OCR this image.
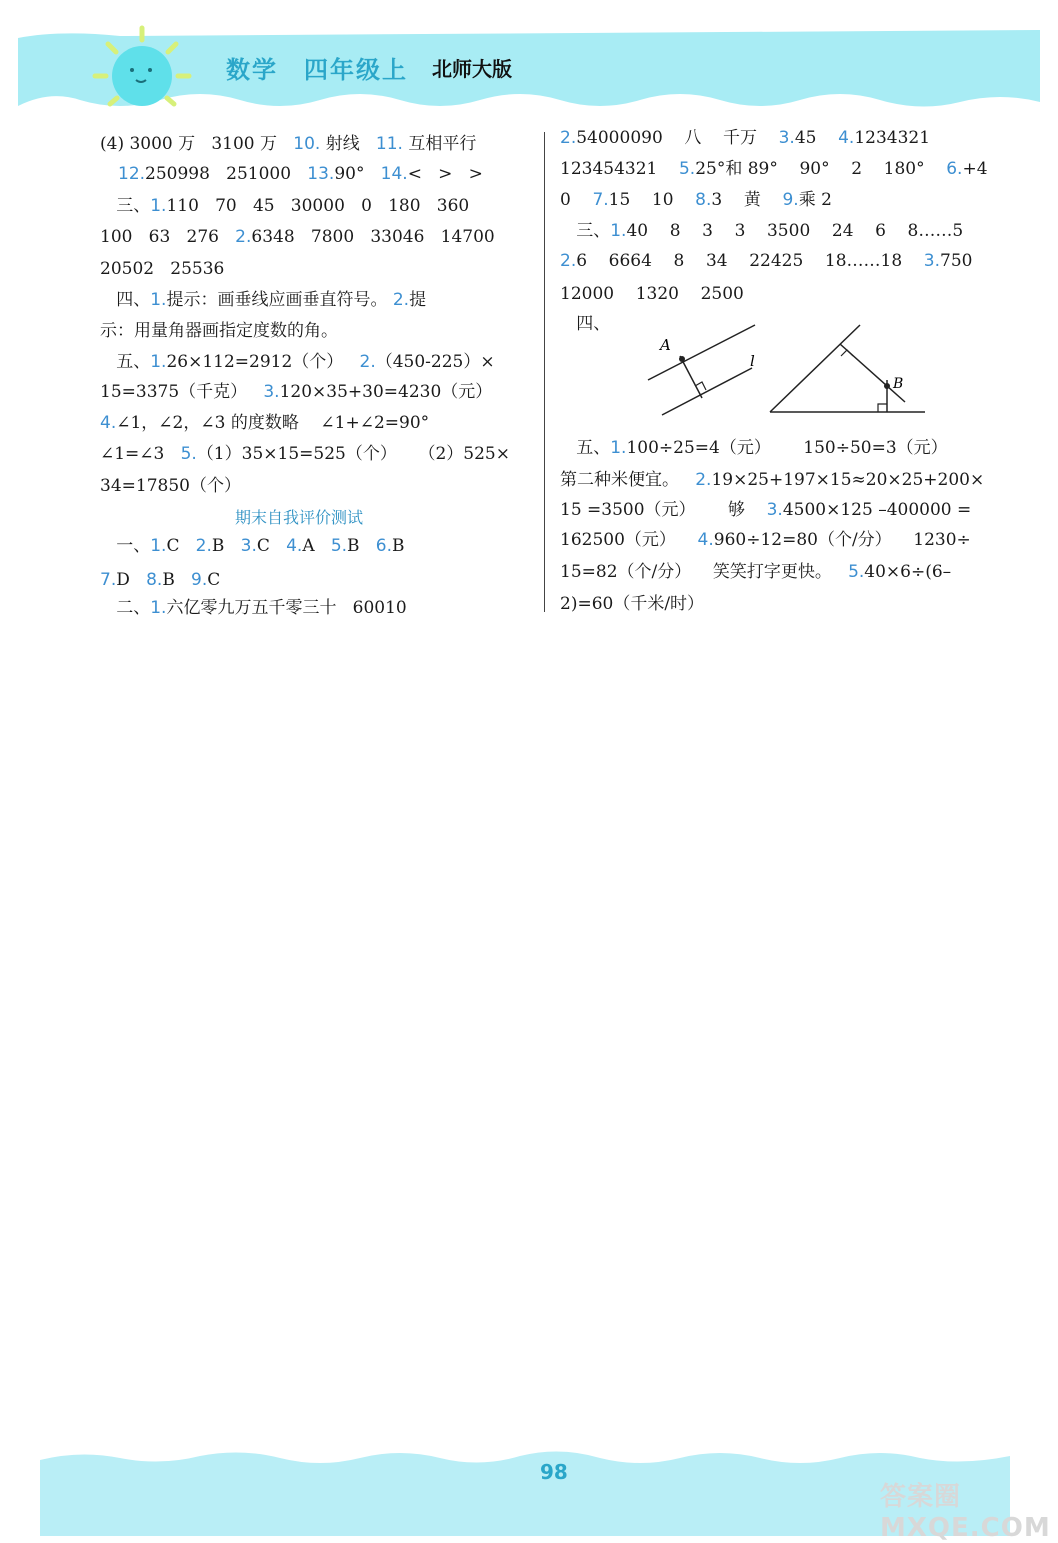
数学 四年级上 北师大版
(4) 3000 万   3100 万   10. 射线   11. 互相平行
12.250998   251000   13.90°   14.<   >   >
三、1.110   70   45   30000   0   180   360
100   63   276   2.6348   7800   33046   14700
20502   25536
四、1.提示：画垂线应画垂直符号。 2.提
示：用量角器画指定度数的角。
五、1.26×112=2912（个）   2.（450-225）×
15=3375（千克）   3.120×35+30=4230（元）
4.∠1，∠2，∠3 的度数略    ∠1+∠2=90°
∠1=∠3   5.（1）35×15=525（个）    （2）525×
34=17850（个）
期末自我评价测试
一、1.C   2.B   3.C   4.A   5.B   6.B
7.D   8.B   9.C
二、1.六亿零九万五千零三十   60010
2.54000090    八    千万    3.45    4.1234321
123454321    5.25°和 89°    90°    2    180°    6.+4
0    7.15    10    8.3    黄    9.乘 2
三、1.40    8    3    3    3500    24    6    8……5
2.6    6664    8    34    22425    18……18    3.750
12000    1320    2500
四、
五、1.100÷25=4（元）      150÷50=3（元）
第二种米便宜。   2.19×25+197×15≈20×25+200×
15 =3500（元）      够    3.4500×125 –400000 =
162500（元）    4.960÷12=80（个/分）    1230÷
15=82（个/分）    笑笑打字更快。   5.40×6÷(6–
2)=60（千米/时）
A
l
B
98
答案圈 MXQE.COM
